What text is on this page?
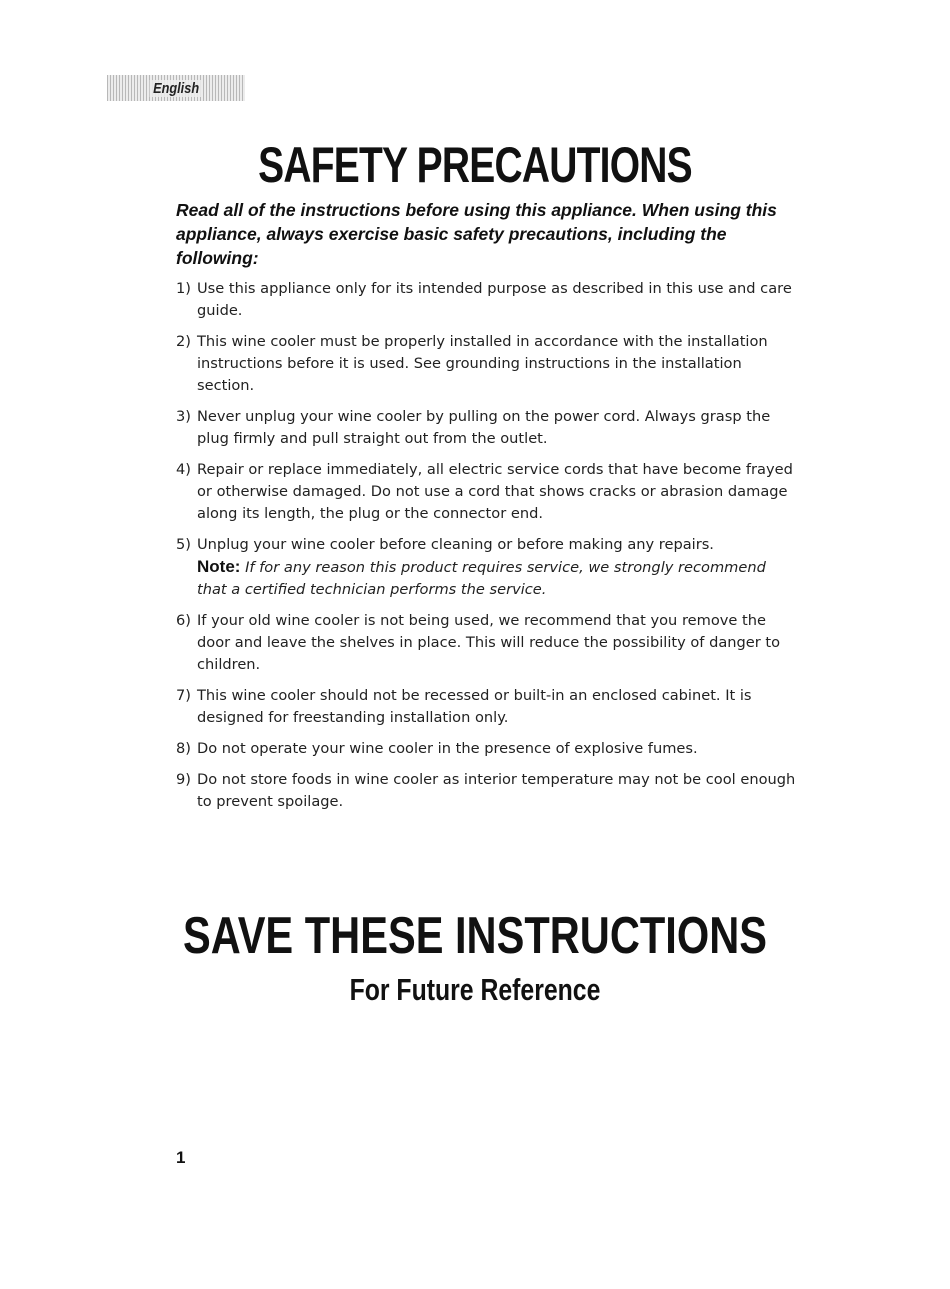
English
SAFETY PRECAUTIONS

Read all of the instructions before using this appliance. When using this appliance, always exercise basic safety precautions, including the following:

1) Use this appliance only for its intended purpose as described in this use and care guide.
2) This wine cooler must be properly installed in accordance with the installation instructions before it is used. See grounding instructions in the installation section.
3) Never unplug your wine cooler by pulling on the power cord. Always grasp the plug firmly and pull straight out from the outlet.
4) Repair or replace immediately, all electric service cords that have become frayed or otherwise damaged. Do not use a cord that shows cracks or abrasion damage along its length, the plug or the connector end.
5) Unplug your wine cooler before cleaning or before making any repairs.
Note: If for any reason this product requires service, we strongly recommend that a certified technician performs the service.
6) If your old wine cooler is not being used, we recommend that you remove the door and leave the shelves in place. This will reduce the possibility of danger to children.
7) This wine cooler should not be recessed or built-in an enclosed cabinet. It is designed for freestanding installation only.
8) Do not operate your wine cooler in the presence of explosive fumes.
9) Do not store foods in wine cooler as interior temperature may not be cool enough to prevent spoilage.
SAVE THESE INSTRUCTIONS
For Future Reference
1
